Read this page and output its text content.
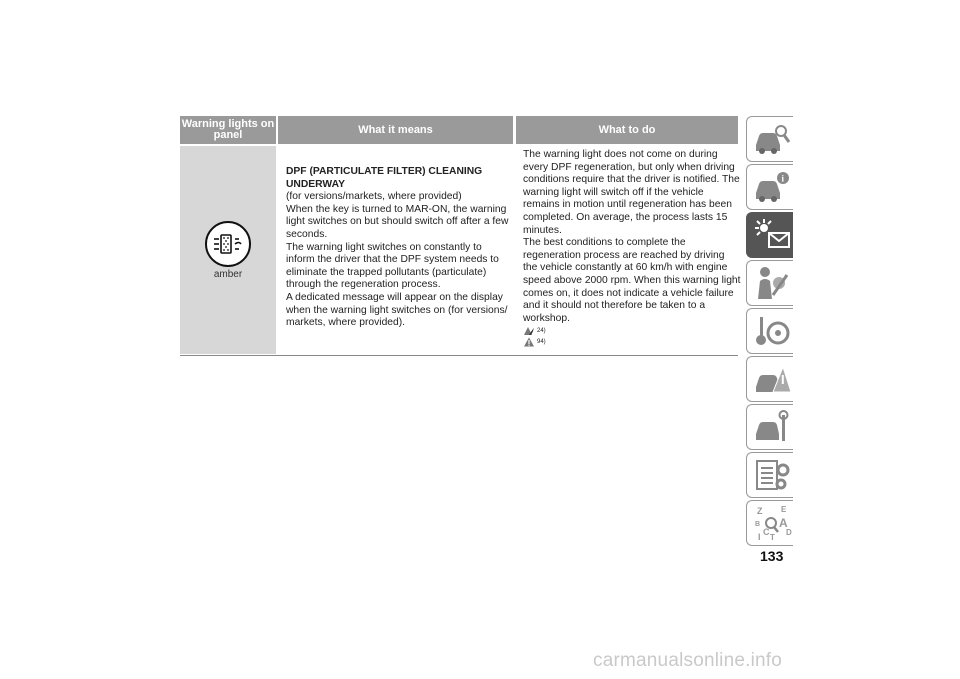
Warning lights on panel	What it means	What to do
amber

DPF (PARTICULATE FILTER) CLEANING UNDERWAY

(for versions/markets, where provided)

When the key is turned to MAR-ON, the warning light switches on but should switch off after a few seconds.

The warning light switches on constantly to inform the driver that the DPF system needs to eliminate the trapped pollutants (particulate) through the regeneration process.

A dedicated message will appear on the display when the warning light switches on (for versions/ markets, where provided).

The warning light does not come on during every DPF regeneration, but only when driving conditions require that the driver is notified. The warning light will switch off if the vehicle remains in motion until regeneration has been completed. On average, the process lasts 15 minutes.

The best conditions to complete the regeneration process are reached by driving the vehicle constantly at 60 km/h with engine speed above 2000 rpm. When this warning light comes on, it does not indicate a vehicle failure and it should not therefore be taken to a workshop.

24)
94)
i
Z E
B A
C D
I T
133
carmanualsonline.info
